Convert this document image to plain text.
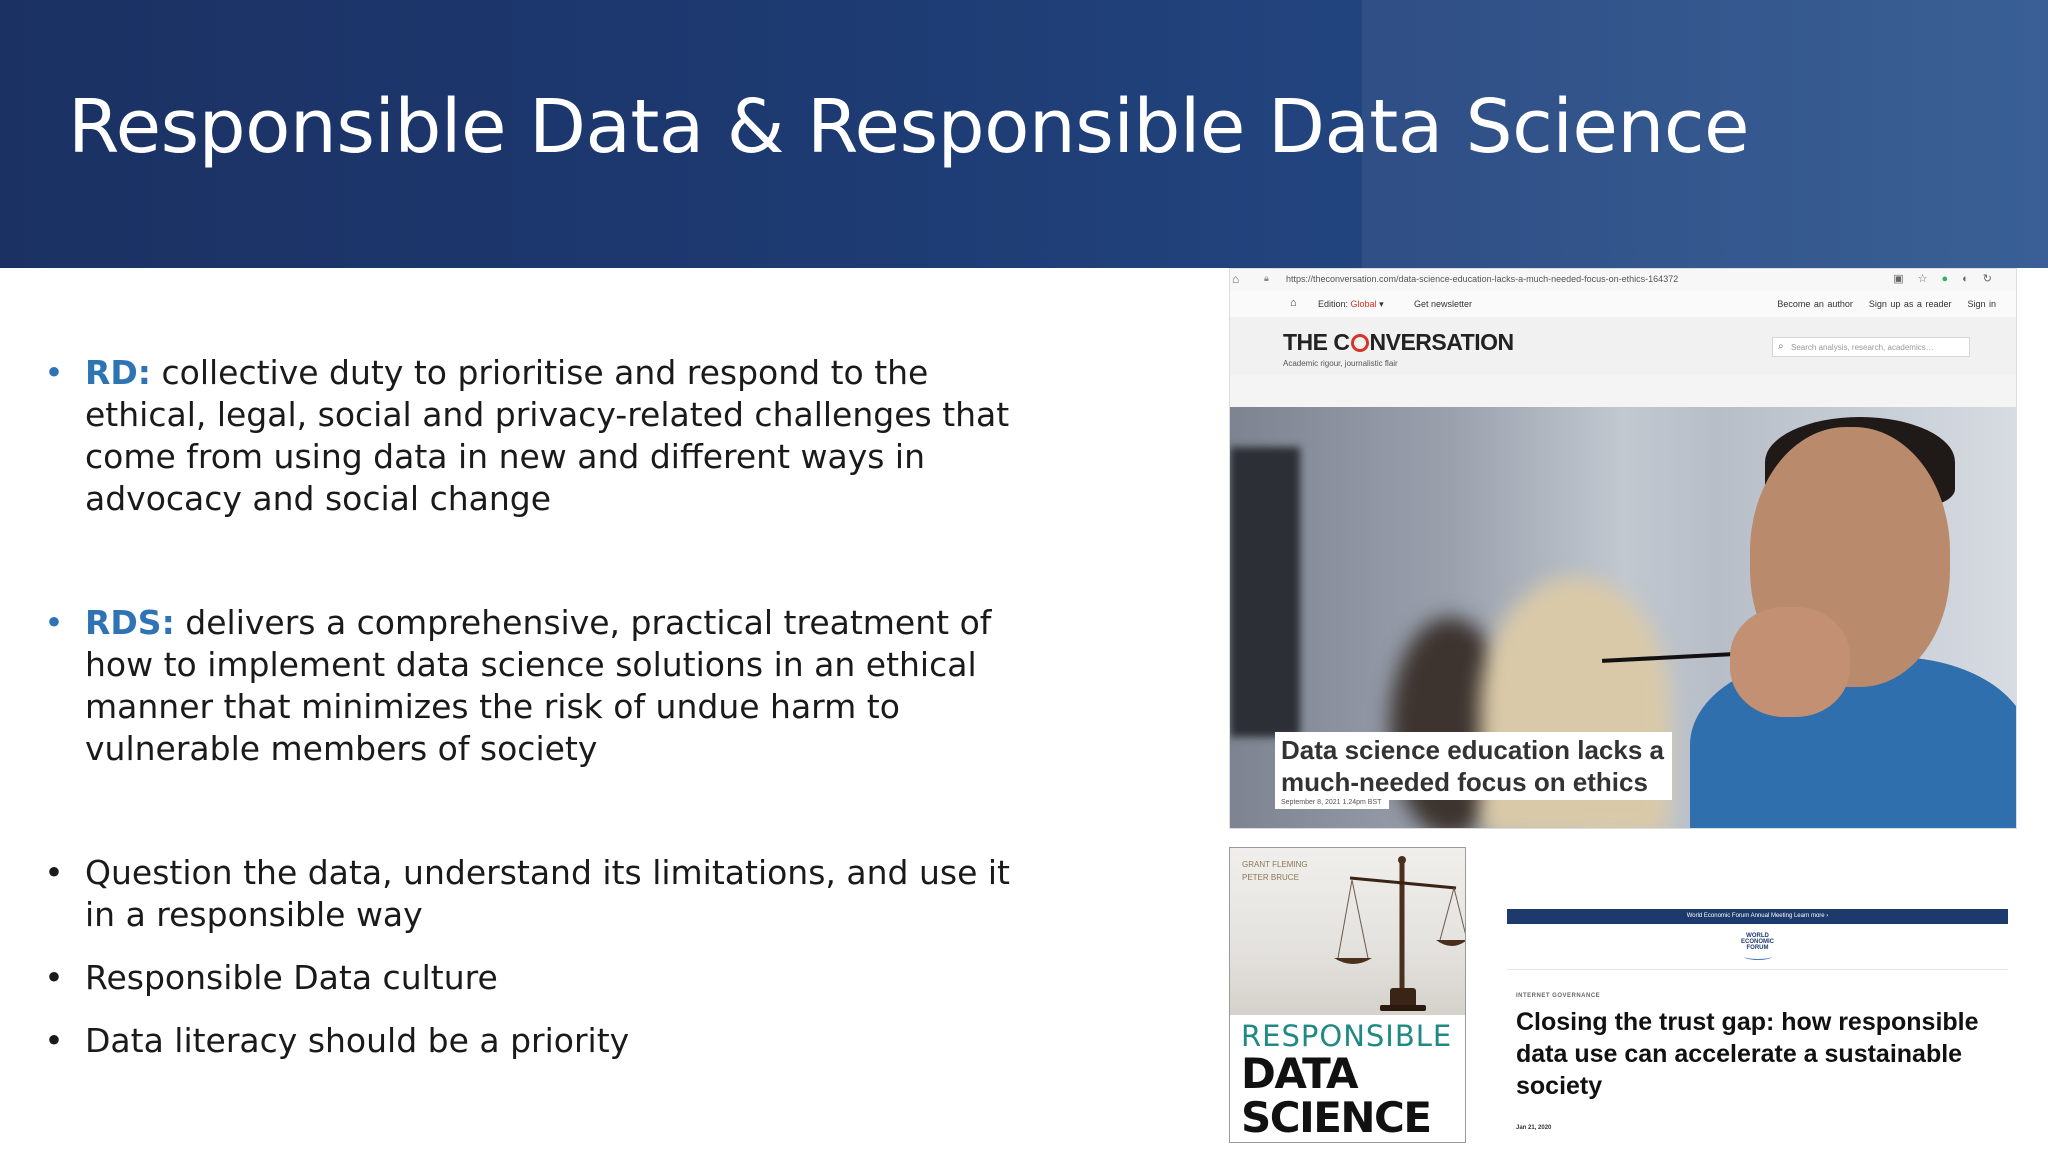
Responsible Data & Responsible Data Science
• RD: collective duty to prioritise and respond to the ethical, legal, social and privacy-related challenges that come from using data in new and different ways in advocacy and social change
• RDS: delivers a comprehensive, practical treatment of how to implement data science solutions in an ethical manner that minimizes the risk of undue harm to vulnerable members of society
• Question the data, understand its limitations, and use it in a responsible way
• Responsible Data culture
• Data literacy should be a priority
⌂	🔒︎ https://theconversation.com/data-science-education-lacks-a-much-needed-focus-on-ethics-164372	▣☆●◐↻
⌂ Edition: Global ▾	Get newsletter	Become an author Sign up as a reader Sign in
THE C NVERSATION
Academic rigour, journalistic flair
⌕ Search analysis, research, academics…
Data science education lacks a
much-needed focus on ethics
September 8, 2021 1.24pm BST
GRANT FLEMING
PETER BRUCE
RESPONSIBLE
DATA
SCIENCE
World Economic Forum Annual Meeting Learn more ›
WORLD
ECONOMIC
FORUM
INTERNET GOVERNANCE
Closing the trust gap: how responsible data use can accelerate a sustainable society
Jan 21, 2020
